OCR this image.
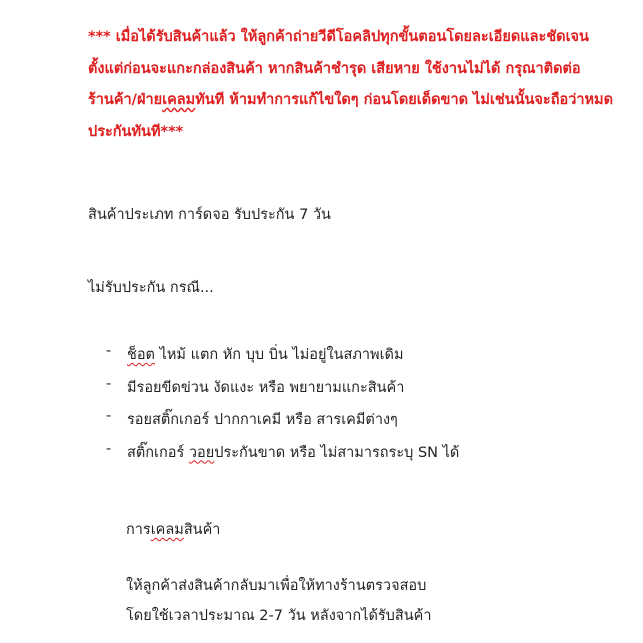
*** เมื่อได้รับสินค้าแล้ว ให้ลูกค้าถ่ายวีดีโอคลิปทุกขั้นตอนโดยละเอียดและชัดเจน
ตั้งแต่ก่อนจะแกะกล่องสินค้า หากสินค้าชำรุด เสียหาย ใช้งานไม่ได้ กรุณาติดต่อ
ร้านค้า/ฝ่ายเคลมทันที ห้ามทำการแก้ไขใดๆ ก่อนโดยเด็ดขาด ไม่เช่นนั้นจะถือว่าหมด
ประกันทันที***
สินค้าประเภท การ์ดจอ รับประกัน 7 วัน
ไม่รับประกัน กรณี...
-	ช็อต ไหม้ แตก หัก บุบ บิ่น ไม่อยู่ในสภาพเดิม
-	มีรอยขีดข่วน งัดแงะ หรือ พยายามแกะสินค้า
-	รอยสติ๊กเกอร์ ปากกาเคมี หรือ สารเคมีต่างๆ
-	สติ๊กเกอร์ วอยประกันขาด หรือ ไม่สามารถระบุ SN ได้
การเคลมสินค้า
ให้ลูกค้าส่งสินค้ากลับมาเพื่อให้ทางร้านตรวจสอบ
โดยใช้เวลาประมาณ 2-7 วัน หลังจากได้รับสินค้า
